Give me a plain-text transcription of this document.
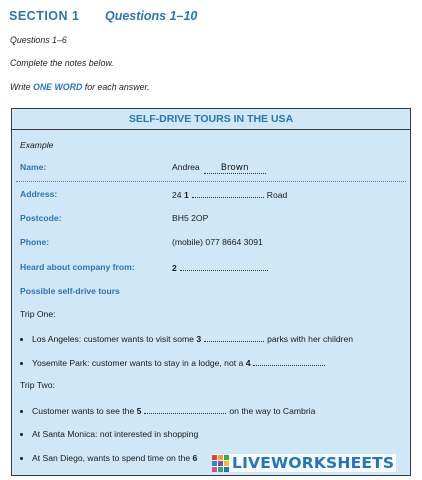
SECTION 1 Questions 1–10
Questions 1–6
Complete the notes below.
Write ONE WORD for each answer.
SELF-DRIVE TOURS IN THE USA
Example
Name:	Andrea Brown
Address:	24 1	Road
Postcode:	BH5 2OP
Phone:	(mobile) 077 8664 3091
Heard about company from:	2
Possible self-drive tours
Trip One:
Los Angeles: customer wants to visit some 3	parks with her children
Yosemite Park: customer wants to stay in a lodge, not a 4
Trip Two:
Customer wants to see the 5	on the way to Cambria
At Santa Monica: not interested in shopping
At San Diego, wants to spend time on the 6 LIVEWORKSHEETS
